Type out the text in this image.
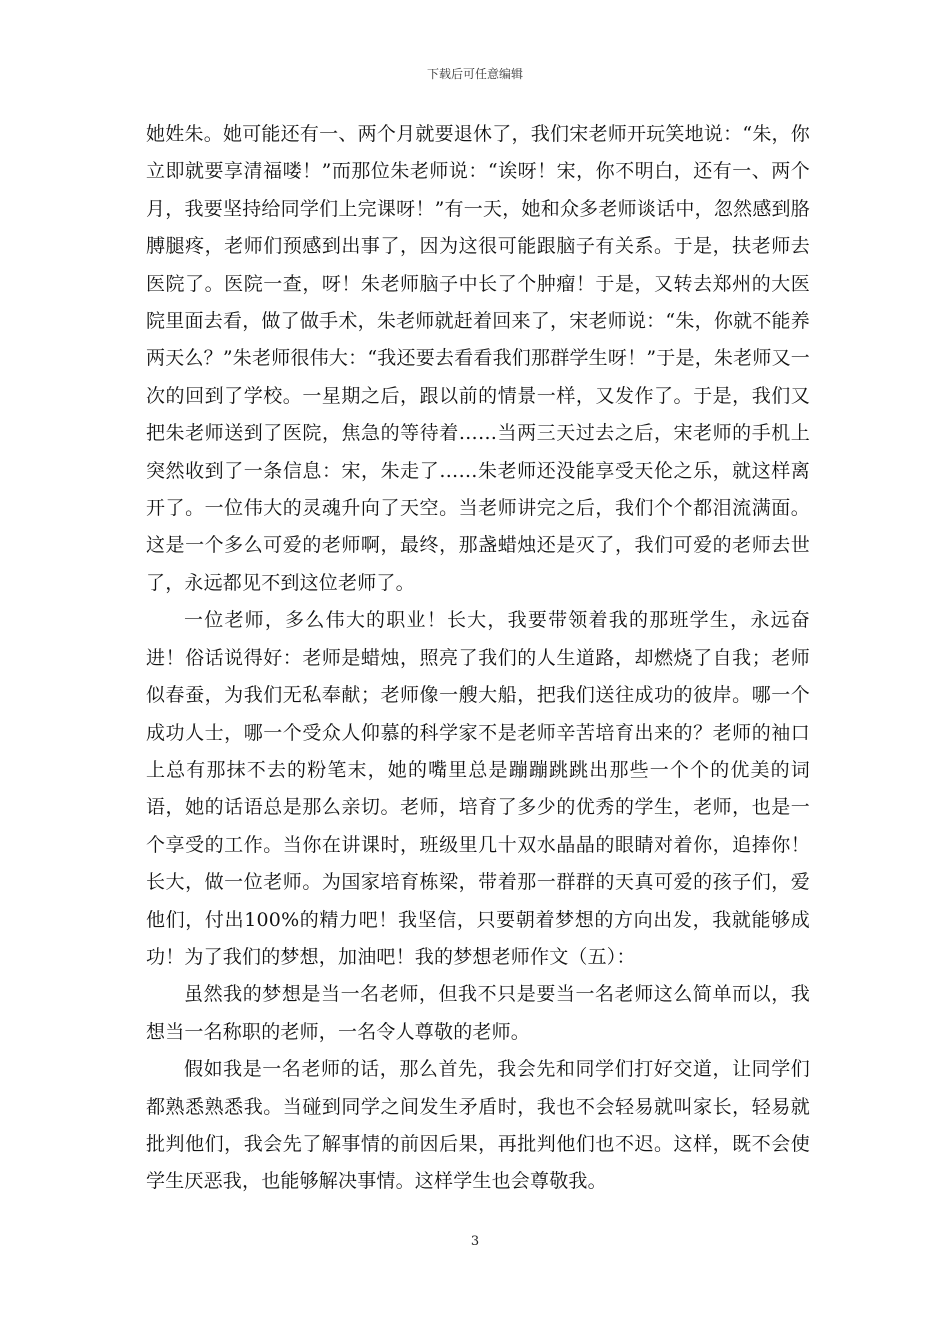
下载后可任意编辑

她姓朱。她可能还有一、两个月就要退休了，我们宋老师开玩笑地说：“朱，你立即就要享清福喽！”而那位朱老师说：“诶呀！宋，你不明白，还有一、两个月，我要坚持给同学们上完课呀！”有一天，她和众多老师谈话中，忽然感到胳膊腿疼，老师们预感到出事了，因为这很可能跟脑子有关系。于是，扶老师去医院了。医院一查，呀！朱老师脑子中长了个肿瘤！于是，又转去郑州的大医院里面去看，做了做手术，朱老师就赶着回来了，宋老师说：“朱，你就不能养两天么？”朱老师很伟大：“我还要去看看我们那群学生呀！”于是，朱老师又一次的回到了学校。一星期之后，跟以前的情景一样，又发作了。于是，我们又把朱老师送到了医院，焦急的等待着……当两三天过去之后，宋老师的手机上突然收到了一条信息：宋，朱走了……朱老师还没能享受天伦之乐，就这样离开了。一位伟大的灵魂升向了天空。当老师讲完之后，我们个个都泪流满面。这是一个多么可爱的老师啊，最终，那盏蜡烛还是灭了，我们可爱的老师去世了，永远都见不到这位老师了。

一位老师，多么伟大的职业！长大，我要带领着我的那班学生，永远奋进！俗话说得好：老师是蜡烛，照亮了我们的人生道路，却燃烧了自我；老师似春蚕，为我们无私奉献；老师像一艘大船，把我们送往成功的彼岸。哪一个成功人士，哪一个受众人仰慕的科学家不是老师辛苦培育出来的？老师的袖口上总有那抹不去的粉笔末，她的嘴里总是蹦蹦跳跳出那些一个个的优美的词语，她的话语总是那么亲切。老师，培育了多少的优秀的学生，老师，也是一个享受的工作。当你在讲课时，班级里几十双水晶晶的眼睛对着你，追捧你！长大，做一位老师。为国家培育栋梁，带着那一群群的天真可爱的孩子们，爱他们，付出100%的精力吧！我坚信，只要朝着梦想的方向出发，我就能够成功！为了我们的梦想，加油吧！我的梦想老师作文（五）：

虽然我的梦想是当一名老师，但我不只是要当一名老师这么简单而以，我想当一名称职的老师，一名令人尊敬的老师。

假如我是一名老师的话，那么首先，我会先和同学们打好交道，让同学们都熟悉熟悉我。当碰到同学之间发生矛盾时，我也不会轻易就叫家长，轻易就批判他们，我会先了解事情的前因后果，再批判他们也不迟。这样，既不会使学生厌恶我，也能够解决事情。这样学生也会尊敬我。

3
